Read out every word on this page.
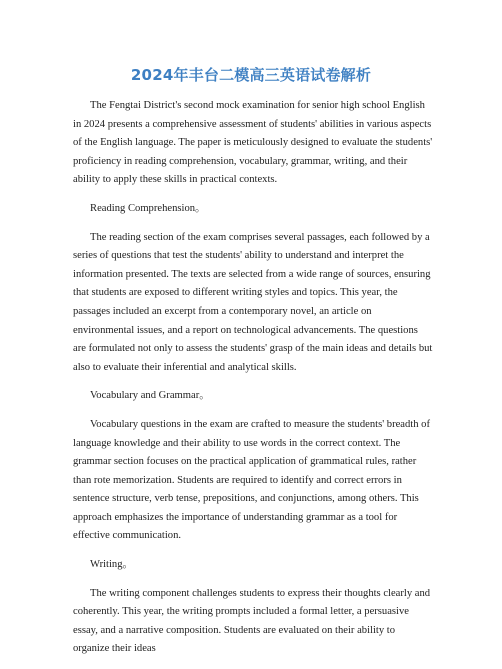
2024年丰台二模高三英语试卷解析

The Fengtai District's second mock examination for senior high school English in 2024 presents a comprehensive assessment of students' abilities in various aspects of the English language. The paper is meticulously designed to evaluate the students' proficiency in reading comprehension, vocabulary, grammar, writing, and their ability to apply these skills in practical contexts.

Reading Comprehension。

The reading section of the exam comprises several passages, each followed by a series of questions that test the students' ability to understand and interpret the information presented. The texts are selected from a wide range of sources, ensuring that students are exposed to different writing styles and topics. This year, the passages included an excerpt from a contemporary novel, an article on environmental issues, and a report on technological advancements. The questions are formulated not only to assess the students' grasp of the main ideas and details but also to evaluate their inferential and analytical skills.

Vocabulary and Grammar。

Vocabulary questions in the exam are crafted to measure the students' breadth of language knowledge and their ability to use words in the correct context. The grammar section focuses on the practical application of grammatical rules, rather than rote memorization. Students are required to identify and correct errors in sentence structure, verb tense, prepositions, and conjunctions, among others. This approach emphasizes the importance of understanding grammar as a tool for effective communication.

Writing。

The writing component challenges students to express their thoughts clearly and coherently. This year, the writing prompts included a formal letter, a persuasive essay, and a narrative composition. Students are evaluated on their ability to organize their ideas
